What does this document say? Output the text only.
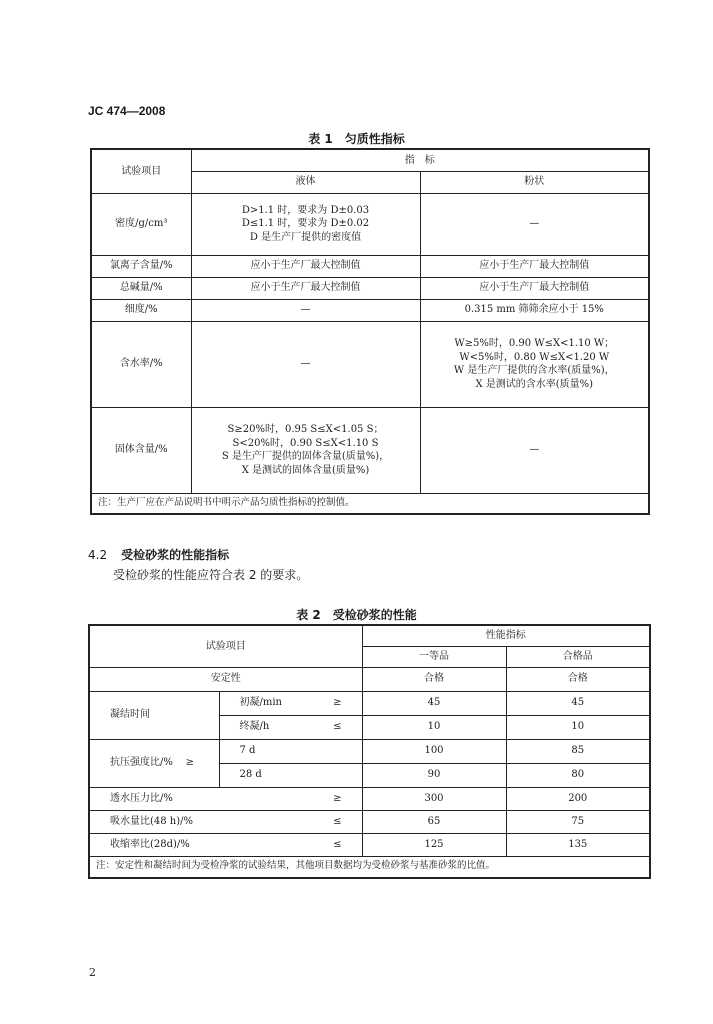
JC 474—2008
表 1　匀质性指标
试验项目	指　标	
	液体	粉状
密度/g/cm³	D>1.1 时，要求为 D±0.03
D≤1.1 时，要求为 D±0.02
D 是生产厂提供的密度值	—
氯离子含量/%	应小于生产厂最大控制值	应小于生产厂最大控制值
总碱量/%	应小于生产厂最大控制值	应小于生产厂最大控制值
细度/%	—	0.315 mm 筛筛余应小于 15%
含水率/%	—	W≥5%时，0.90 W≤X<1.10 W；
W<5%时，0.80 W≤X<1.20 W
W 是生产厂提供的含水率(质量%)，
X 是测试的含水率(质量%)

固体含量/%	S≥20%时，0.95 S≤X<1.05 S；
S<20%时，0.90 S≤X<1.10 S
S 是生产厂提供的固体含量(质量%)，
X 是测试的固体含量(质量%)	—
注：生产厂应在产品说明书中明示产品匀质性指标的控制值。		
4.2 受检砂浆的性能指标
受检砂浆的性能应符合表 2 的要求。
表 2　受检砂浆的性能
试验项目		性能指标	
		一等品	合格品
安定性		合格	合格
凝结时间	初凝/min ≥	45	45
	终凝/h ≤	10	10
抗压强度比/% ≥	7 d	100	85
	28 d	90	80
透水压力比/% ≥		300	200
吸水量比(48 h)/% ≤		65	75
收缩率比(28d)/% ≤		125	135
注：安定性和凝结时间为受检净浆的试验结果，其他项目数据均为受检砂浆与基准砂浆的比值。			
2
